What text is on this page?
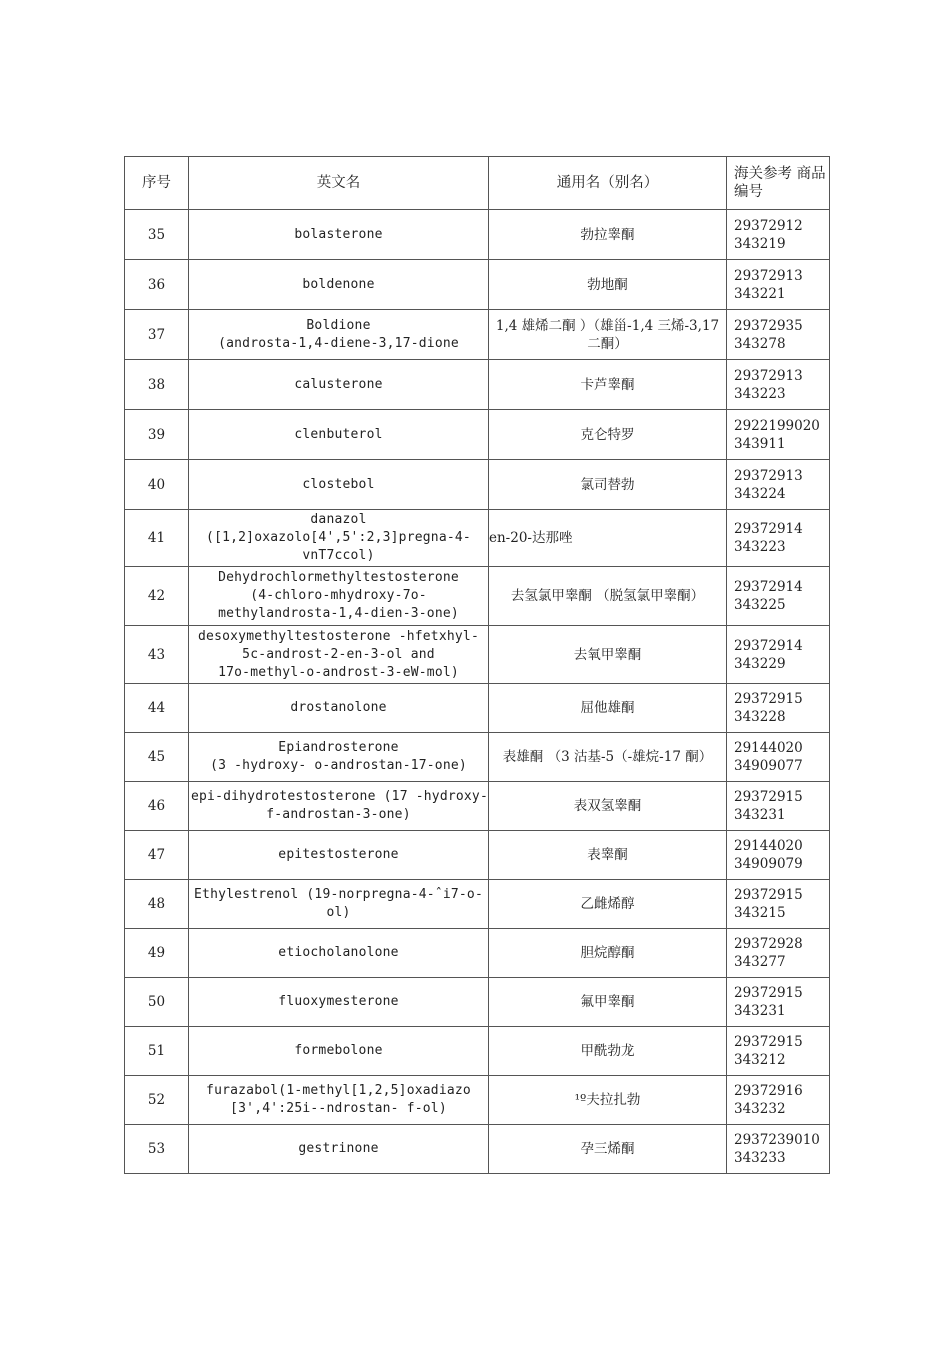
序号	英文名	通用名（别名）	海关参考 商品编号
35	bolasterone	勃拉睾酮	29372912 343219
36	boldenone	勃地酮	29372913 343221
37	Boldione
(androsta-1,4-diene-3,17-dione	1,4 雄烯二酮 ）（雄甾-1,4 三烯-3,17 二酮）	29372935 343278
38	calusterone	卡芦睾酮	29372913 343223
39	clenbuterol	克仑特罗	2922199020 343911
40	clostebol	氯司替勃	29372913 343224
41	danazol
([1,2]oxazolo[4',5':2,3]pregna-4-
vnT7ccol)	en-20-达那唑	29372914 343223
42	Dehydrochlormethyltestosterone
(4-chloro-mhydroxy-7o-
methylandrosta-1,4-dien-3-one)	去氢氯甲睾酮 （脱氢氯甲睾酮）	29372914 343225
43	desoxymethyltestosterone -hfetxhyl-
5c-androst-2-en-3-ol and
17o-methyl-o-androst-3-eW-mol)	去氧甲睾酮	29372914 343229
44	drostanolone	屈他雄酮	29372915 343228
45	Epiandrosterone
(3 -hydroxy- o-androstan-17-one)	表雄酮 （3 沽基-5（-雄烷-17 酮）	29144020 34909077
46	epi-dihydrotestosterone (17 -hydroxy-
f-androstan-3-one)	表双氢睾酮	29372915 343231
47	epitestosterone	表睾酮	29144020 34909079
48	Ethylestrenol (19-norpregna-4-ˆi7-o-
ol)	乙雌烯醇	29372915 343215
49	etiocholanolone	胆烷醇酮	29372928 343277
50	fluoxymesterone	氟甲睾酮	29372915 343231
51	formebolone	甲酰勃龙	29372915 343212
52	furazabol(1-methyl[1,2,5]oxadiazo
[3',4':25i--ndrostan- f-ol)	¹º夫拉扎勃	29372916 343232
53	gestrinone	孕三烯酮	2937239010 343233
